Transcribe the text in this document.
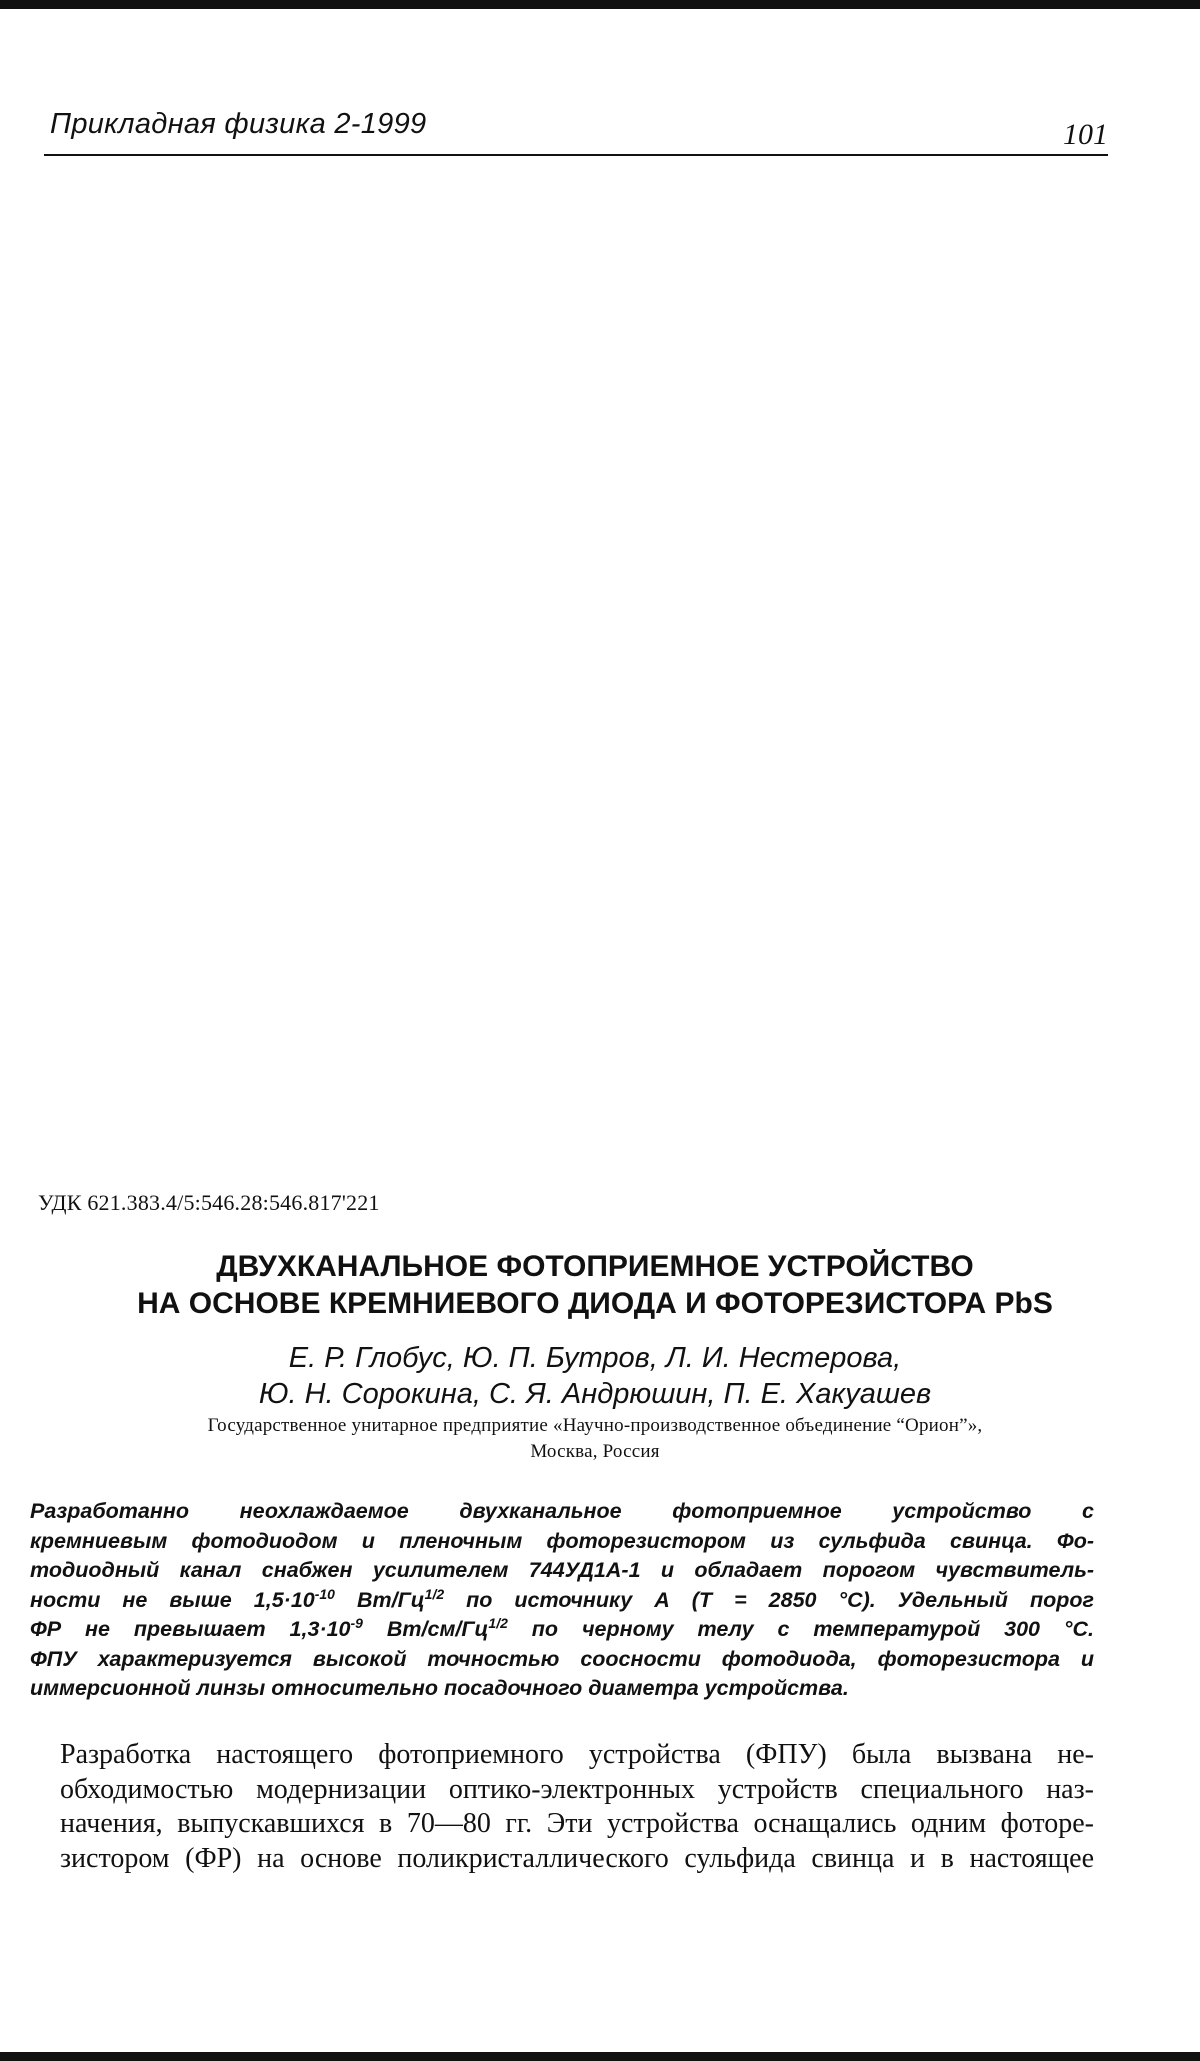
Прикладная физика 2-1999	101
УДК 621.383.4/5:546.28:546.817'221
ДВУХКАНАЛЬНОЕ ФОТОПРИЕМНОЕ УСТРОЙСТВО
НА ОСНОВЕ КРЕМНИЕВОГО ДИОДА И ФОТОРЕЗИСТОРА PbS
Е. Р. Глобус, Ю. П. Бутров, Л. И. Нестерова,
Ю. Н. Сорокина, С. Я. Андрюшин, П. Е. Хакуашев
Государственное унитарное предприятие «Научно-производственное объединение “Орион”»,
Москва, Россия
Разработанно неохлаждаемое двухканальное фотоприемное устройство с
кремниевым фотодиодом и пленочным фоторезистором из сульфида свинца. Фо-
тодиодный канал снабжен усилителем 744УД1А-1 и обладает порогом чувствитель-
ности не выше $1,5\cdot 10^{-10}$ $Вт/Гц^{1/2}$ по источнику А (Т = 2850 °С). Удельный порог
ФР не превышает $1,3\cdot 10^{-9}$ $Вт/см/Гц^{1/2}$ по черному телу с температурой 300 °С.
ФПУ характеризуется высокой точностью соосности фотодиода, фоторезистора и
иммерсионной линзы относительно посадочного диаметра устройства.
Разработка настоящего фотоприемного устройства (ФПУ) была вызвана не-
обходимостью модернизации оптико-электронных устройств специального наз-
начения, выпускавшихся в 70—80 гг. Эти устройства оснащались одним фоторе-
зистором (ФР) на основе поликристаллического сульфида свинца и в настоящее
